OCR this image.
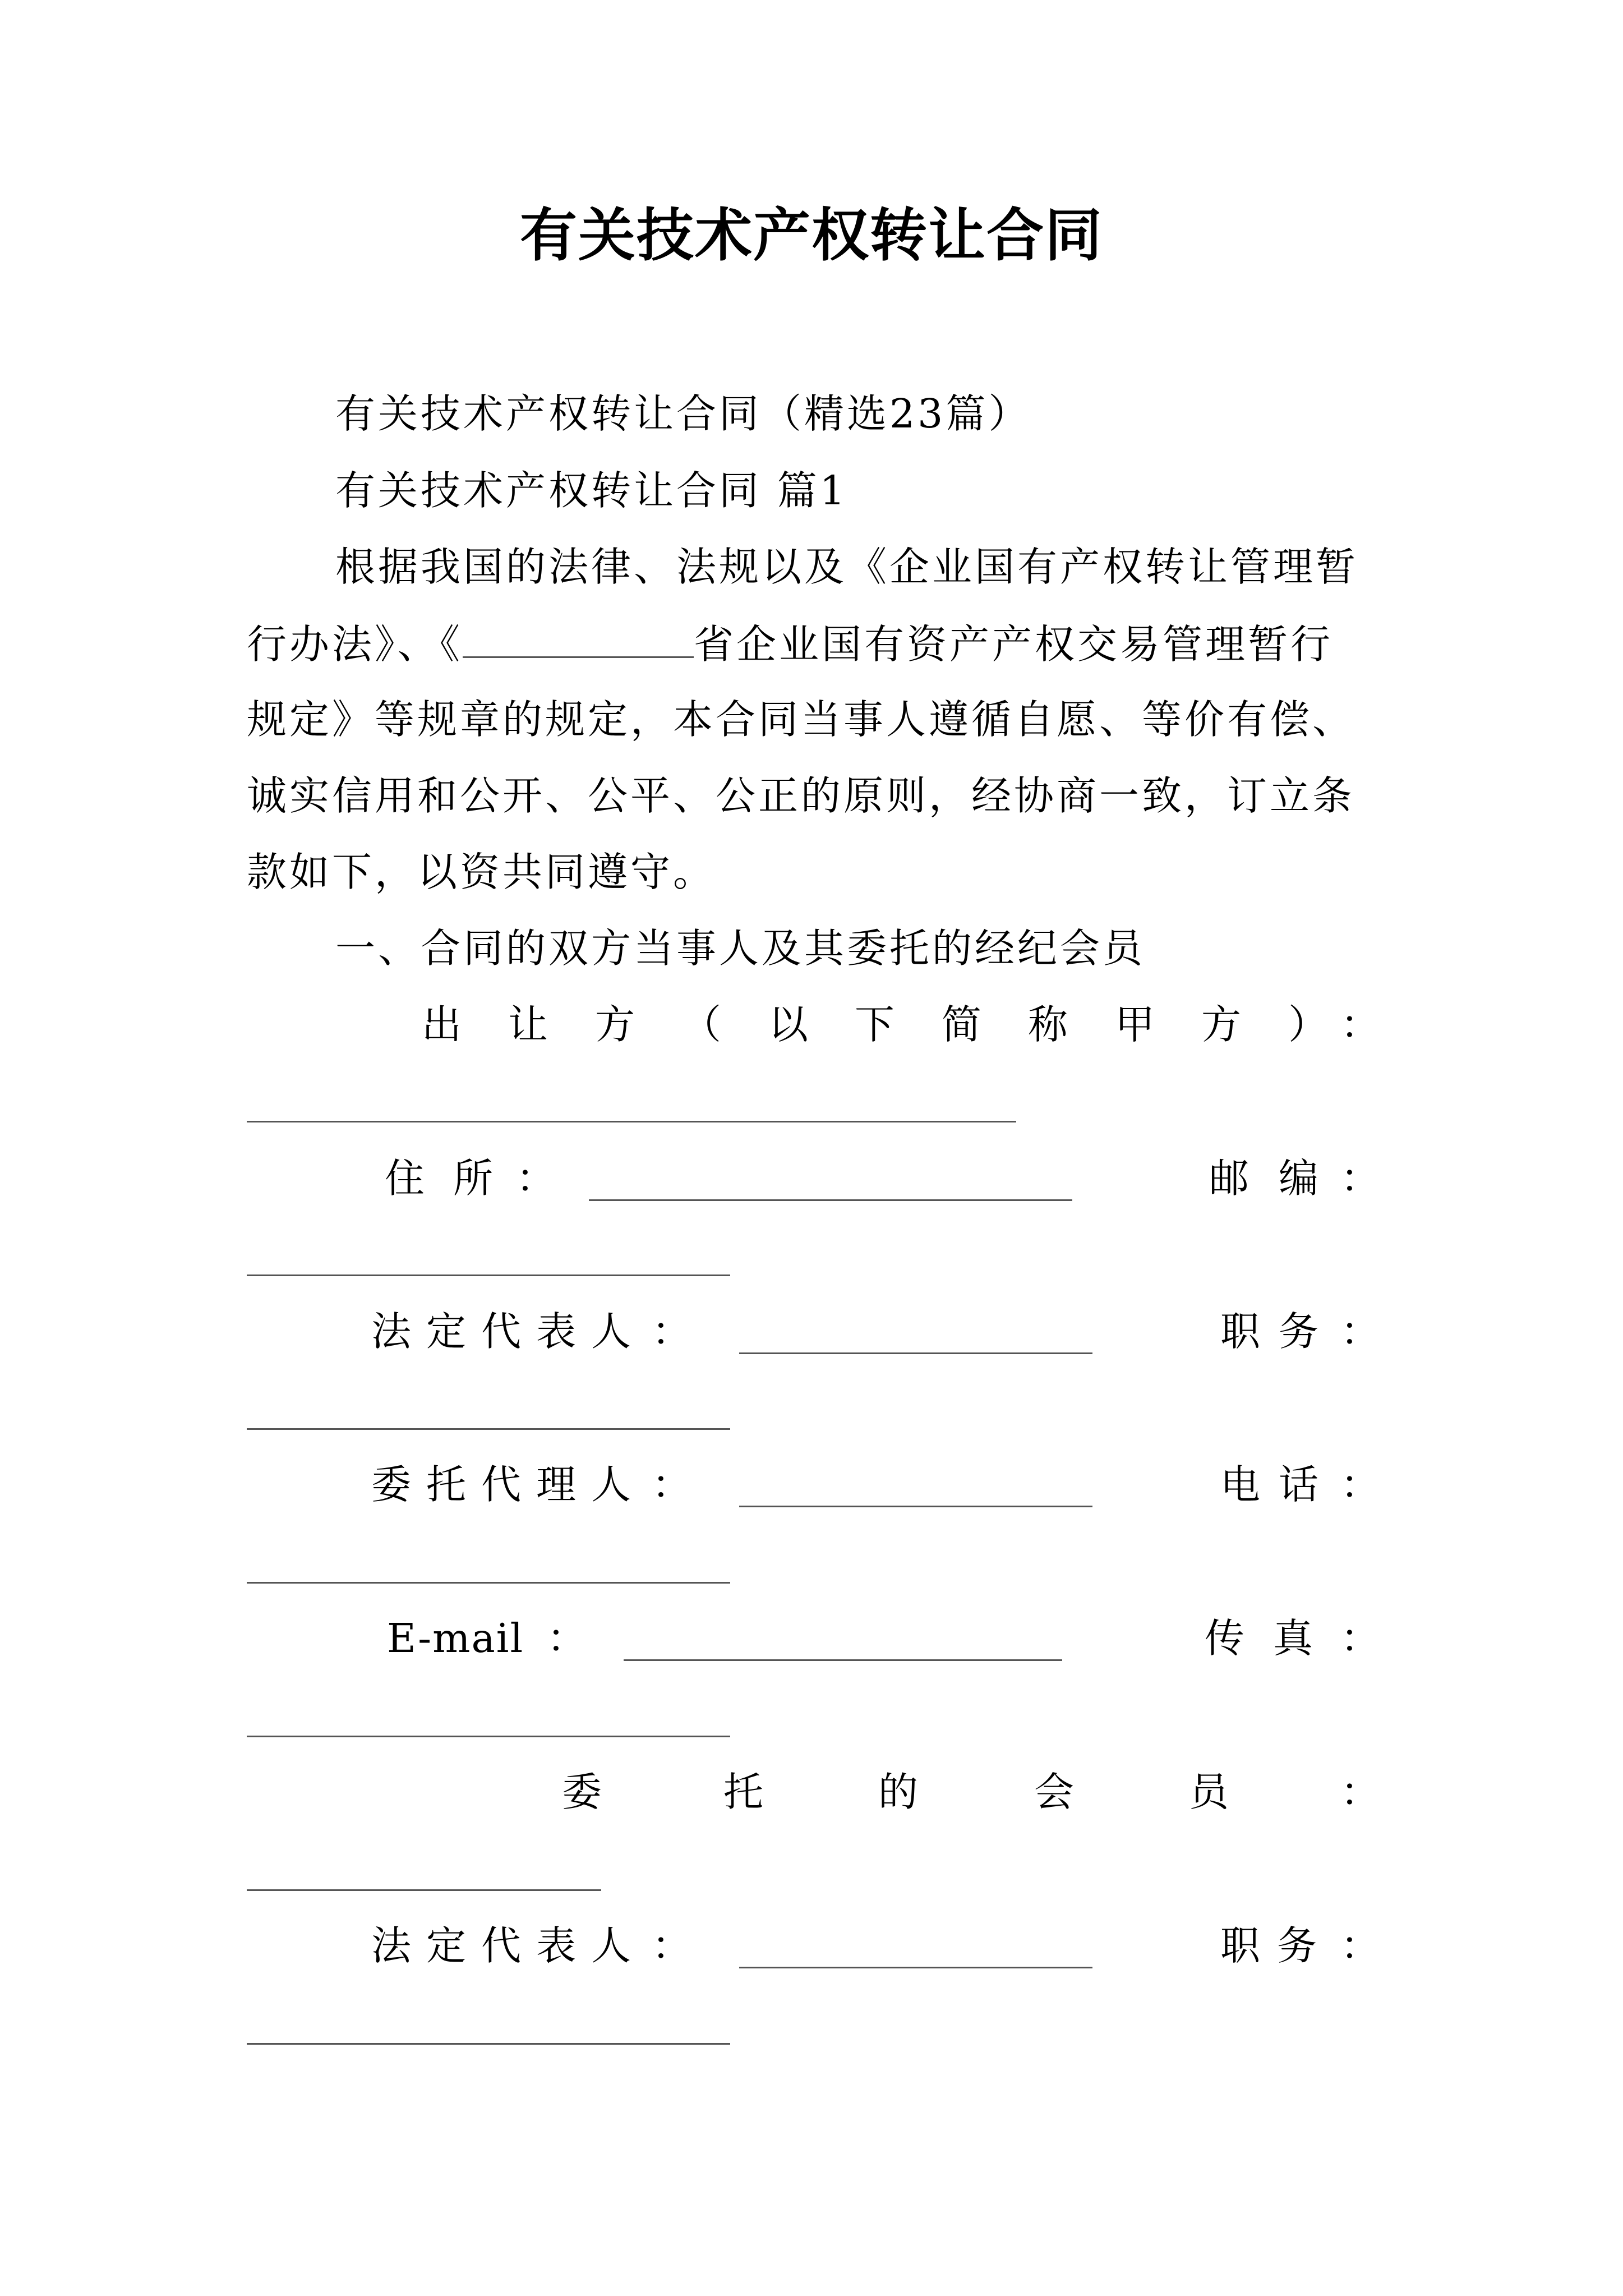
有关技术产权转让合同
有关技术产权转让合同（精选23篇）
有关技术产权转让合同 篇1
根据我国的法律、法规以及《企业国有产权转让管理暂
行办法》、《	省企业国有资产产权交易管理暂行
规定》等规章的规定，本合同当事人遵循自愿、等价有偿、
诚实信用和公开、公平、公正的原则，经协商一致，订立条
款如下，以资共同遵守。
一、合同的双方当事人及其委托的经纪会员
出 让 方 （ 以 下 简 称 甲 方 ） ：
住 所 ：	邮 编 ：
法 定 代 表 人 ：	职 务 ：
委 托 代 理 人 ：	电 话 ：
E-mail ：	传 真 ：
委	托	的	会	员	：
法 定 代 表 人 ：	职务 ：
